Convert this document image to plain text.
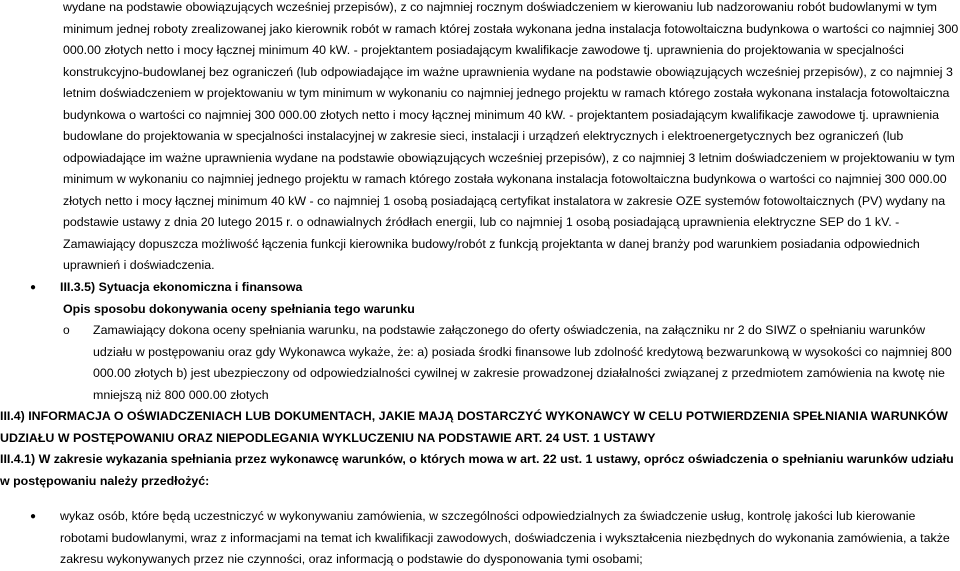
wydane na podstawie obowiązujących wcześniej przepisów), z co najmniej rocznym doświadczeniem w kierowaniu lub nadzorowaniu robót budowlanymi w tym minimum jednej roboty zrealizowanej jako kierownik robót w ramach której została wykonana jedna instalacja fotowoltaiczna budynkowa o wartości co najmniej 300 000.00 złotych netto i mocy łącznej minimum 40 kW. - projektantem posiadającym kwalifikacje zawodowe tj. uprawnienia do projektowania w specjalności konstrukcyjno-budowlanej bez ograniczeń (lub odpowiadające im ważne uprawnienia wydane na podstawie obowiązujących wcześniej przepisów), z co najmniej 3 letnim doświadczeniem w projektowaniu w tym minimum w wykonaniu co najmniej jednego projektu w ramach którego została wykonana instalacja fotowoltaiczna budynkowa o wartości co najmniej 300 000.00 złotych netto i mocy łącznej minimum 40 kW. - projektantem posiadającym kwalifikacje zawodowe tj. uprawnienia budowlane do projektowania w specjalności instalacyjnej w zakresie sieci, instalacji i urządzeń elektrycznych i elektroenergetycznych bez ograniczeń (lub odpowiadające im ważne uprawnienia wydane na podstawie obowiązujących wcześniej przepisów), z co najmniej 3 letnim doświadczeniem w projektowaniu w tym minimum w wykonaniu co najmniej jednego projektu w ramach którego została wykonana instalacja fotowoltaiczna budynkowa o wartości co najmniej 300 000.00 złotych netto i mocy łącznej minimum 40 kW - co najmniej 1 osobą posiadającą certyfikat instalatora w zakresie OZE systemów fotowoltaicznych (PV) wydany na podstawie ustawy z dnia 20 lutego 2015 r. o odnawialnych źródłach energii, lub co najmniej 1 osobą posiadającą uprawnienia elektryczne SEP do 1 kV. - Zamawiający dopuszcza możliwość łączenia funkcji kierownika budowy/robót z funkcją projektanta w danej branży pod warunkiem posiadania odpowiednich uprawnień i doświadczenia.
● III.3.5) Sytuacja ekonomiczna i finansowa
Opis sposobu dokonywania oceny spełniania tego warunku
o Zamawiający dokona oceny spełniania warunku, na podstawie załączonego do oferty oświadczenia, na załączniku nr 2 do SIWZ o spełnianiu warunków udziału w postępowaniu oraz gdy Wykonawca wykaże, że: a) posiada środki finansowe lub zdolność kredytową bezwarunkową w wysokości co najmniej 800 000.00 złotych b) jest ubezpieczony od odpowiedzialności cywilnej w zakresie prowadzonej działalności związanej z przedmiotem zamówienia na kwotę nie mniejszą niż 800 000.00 złotych
III.4) INFORMACJA O OŚWIADCZENIACH LUB DOKUMENTACH, JAKIE MAJĄ DOSTARCZYĆ WYKONAWCY W CELU POTWIERDZENIA SPEŁNIANIA WARUNKÓW UDZIAŁU W POSTĘPOWANIU ORAZ NIEPODLEGANIA WYKLUCZENIU NA PODSTAWIE ART. 24 UST. 1 USTAWY
III.4.1) W zakresie wykazania spełniania przez wykonawcę warunków, o których mowa w art. 22 ust. 1 ustawy, oprócz oświadczenia o spełnianiu warunków udziału w postępowaniu należy przedłożyć:
● wykaz osób, które będą uczestniczyć w wykonywaniu zamówienia, w szczególności odpowiedzialnych za świadczenie usług, kontrolę jakości lub kierowanie robotami budowlanymi, wraz z informacjami na temat ich kwalifikacji zawodowych, doświadczenia i wykształcenia niezbędnych do wykonania zamówienia, a także zakresu wykonywanych przez nie czynności, oraz informacją o podstawie do dysponowania tymi osobami;
